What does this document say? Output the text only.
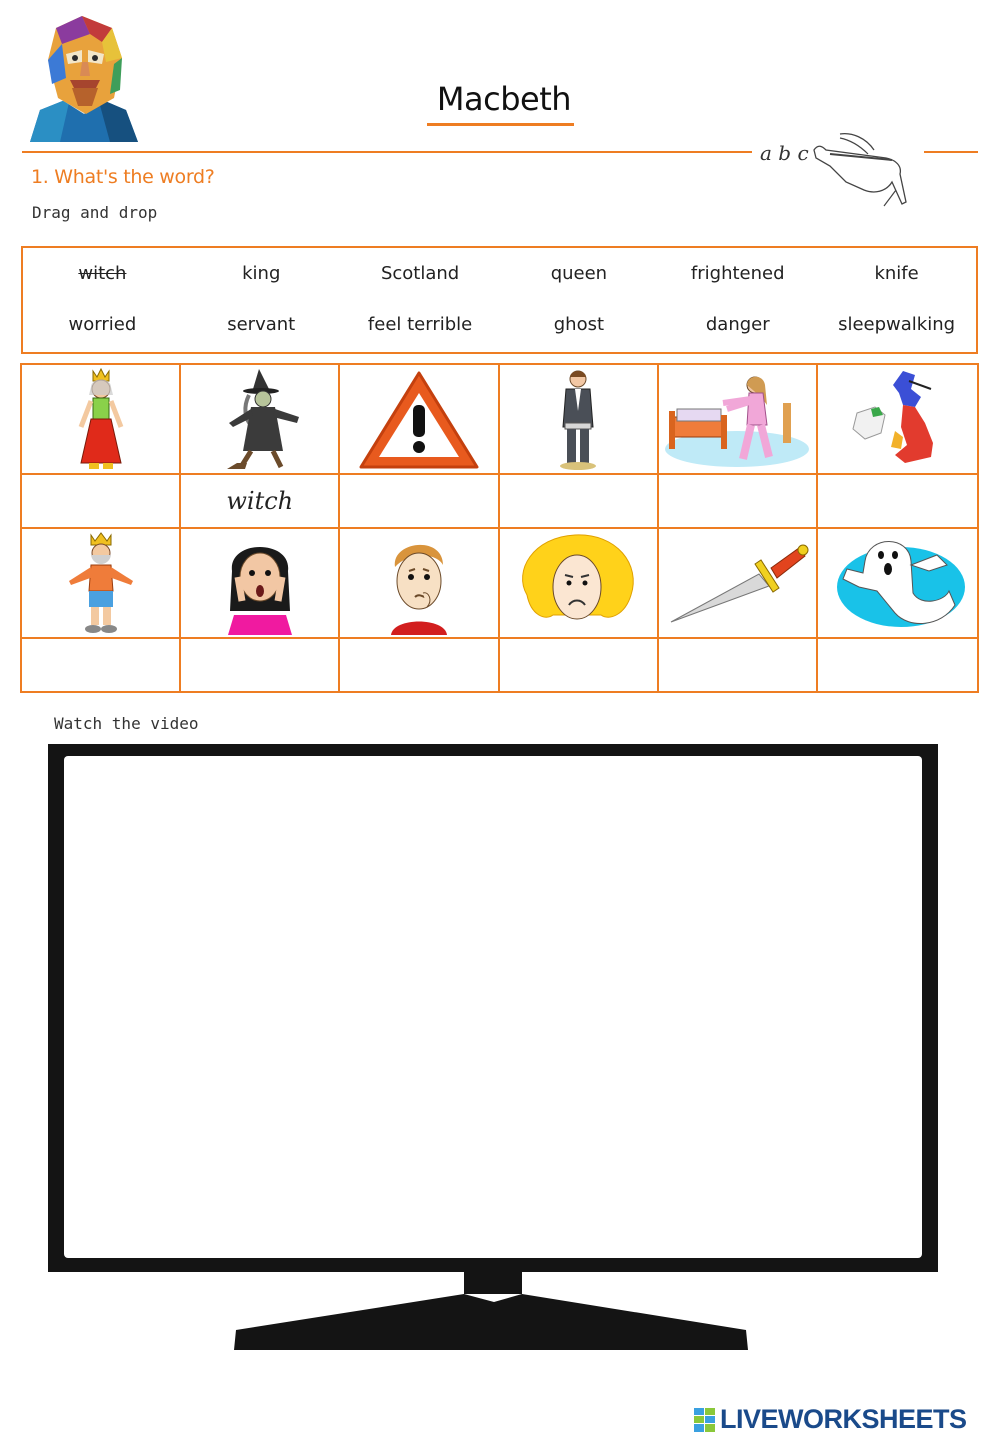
Macbeth
a b c
1. What's the word?
Drag and drop
witch	king	Scotland	queen	frightened	knife
worried	servant	feel terrible	ghost	danger	sleepwalking
witch
Watch the video
LIVEWORKSHEETS
